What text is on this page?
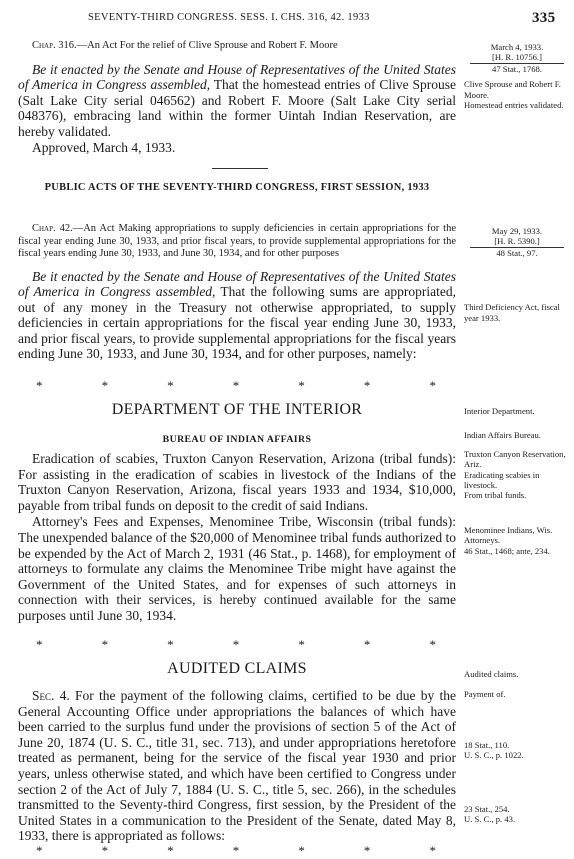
SEVENTY-THIRD CONGRESS. SESS. I. CHS. 316, 42. 1933	335

Chap. 316.—An Act For the relief of Clive Sprouse and Robert F. Moore

Be it enacted by the Senate and House of Representatives of the United States of America in Congress assembled, That the homestead entries of Clive Sprouse (Salt Lake City serial 046562) and Robert F. Moore (Salt Lake City serial 048376), embracing land within the former Uintah Indian Reservation, are hereby validated.

Approved, March 4, 1933.

March 4, 1933.

[H. R. 10756.]

47 Stat., 1768.

Clive Sprouse and Robert F. Moore.

Homestead entries validated.

PUBLIC ACTS OF THE SEVENTY-THIRD CONGRESS, FIRST SESSION, 1933

Chap. 42.—An Act Making appropriations to supply deficiencies in certain appropriations for the fiscal year ending June 30, 1933, and prior fiscal years, to provide supplemental appropriations for the fiscal years ending June 30, 1933, and June 30, 1934, and for other purposes

Be it enacted by the Senate and House of Representatives of the United States of America in Congress assembled, That the following sums are appropriated, out of any money in the Treasury not otherwise appropriated, to supply deficiencies in certain appropriations for the fiscal year ending June 30, 1933, and prior fiscal years, to provide supplemental appropriations for the fiscal years ending June 30, 1933, and June 30, 1934, and for other purposes, namely:

May 29, 1933.

[H. R. 5390.]

48 Stat., 97.

Third Deficiency Act, fiscal year 1933.

*	*	*	*	*	*	*
DEPARTMENT OF THE INTERIOR
BUREAU OF INDIAN AFFAIRS

Eradication of scabies, Truxton Canyon Reservation, Arizona (tribal funds): For assisting in the eradication of scabies in livestock of the Indians of the Truxton Canyon Reservation, Arizona, fiscal years 1933 and 1934, $10,000, payable from tribal funds on deposit to the credit of said Indians.

Attorney's Fees and Expenses, Menominee Tribe, Wisconsin (tribal funds): The unexpended balance of the $20,000 of Menominee tribal funds authorized to be expended by the Act of March 2, 1931 (46 Stat., p. 1468), for employment of attorneys to formulate any claims the Menominee Tribe might have against the Government of the United States, and for expenses of such attorneys in connection with their services, is hereby continued available for the same purposes until June 30, 1934.

Interior Department.

Indian Affairs Bureau.

Truxton Canyon Reservation, Ariz.

Eradicating scabies in livestock.

From tribal funds.

Menominee Indians, Wis.

Attorneys.

46 Stat., 1468; ante, 234.

*	*	*	*	*	*	*
AUDITED CLAIMS

Sec. 4. For the payment of the following claims, certified to be due by the General Accounting Office under appropriations the balances of which have been carried to the surplus fund under the provisions of section 5 of the Act of June 20, 1874 (U. S. C., title 31, sec. 713), and under appropriations heretofore treated as permanent, being for the service of the fiscal year 1930 and prior years, unless otherwise stated, and which have been certified to Congress under section 2 of the Act of July 7, 1884 (U. S. C., title 5, sec. 266), in the schedules transmitted to the Seventy-third Congress, first session, by the President of the United States in a communication to the President of the Senate, dated May 8, 1933, there is appropriated as follows:

Audited claims.

Payment of.

18 Stat., 110.

U. S. C., p. 1022.

23 Stat., 254.

U. S. C., p. 43.

*	*	*	*	*	*	*
